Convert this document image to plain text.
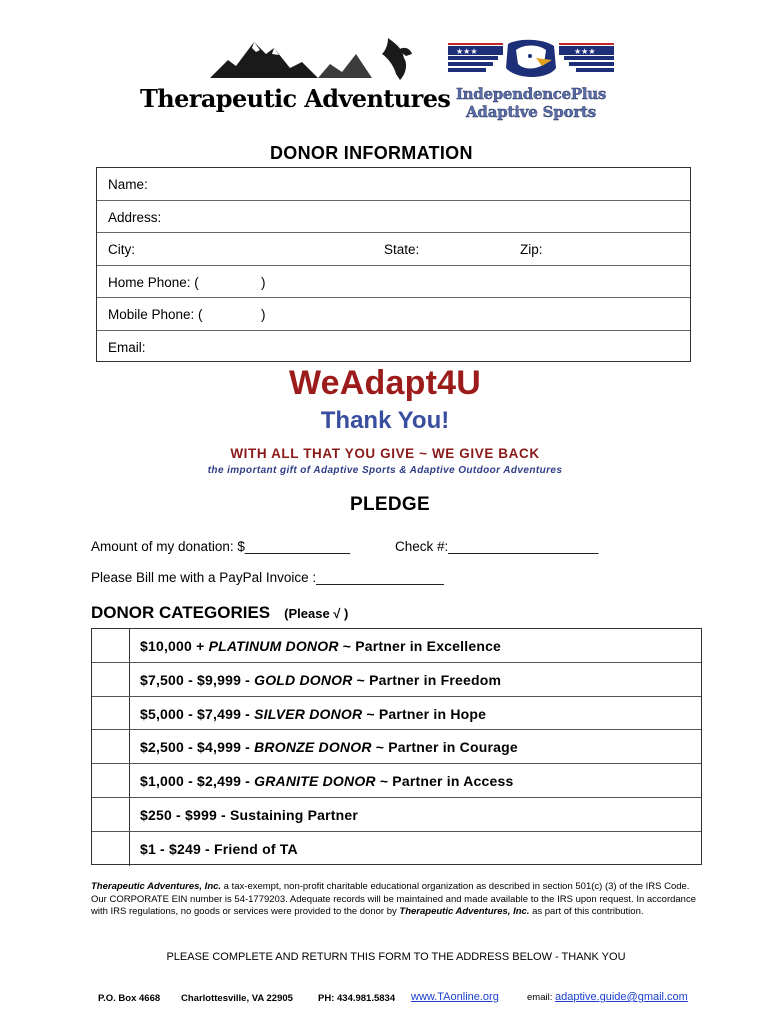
Therapeutic Adventures
★★★	★★★
IndependencePlus
Adaptive Sports
DONOR INFORMATION
Name:
Address:
City:	State:	Zip:
Home Phone: (	)
Mobile Phone: (	)
Email:
WeAdapt4U
Thank You!
WITH ALL THAT YOU GIVE ~ WE GIVE BACK
the important gift of Adaptive Sports & Adaptive Outdoor Adventures
PLEDGE
Amount of my donation: $______________	Check #:____________________
Please Bill me with a PayPal Invoice :_________________
DONOR CATEGORIES (Please √ )
$10,000 + PLATINUM DONOR ~ Partner in Excellence
$7,500 - $9,999 - GOLD DONOR ~ Partner in Freedom
$5,000 - $7,499 - SILVER DONOR ~ Partner in Hope
$2,500 - $4,999 - BRONZE DONOR ~ Partner in Courage
$1,000 - $2,499 - GRANITE DONOR ~ Partner in Access
$250 - $999 - Sustaining Partner
$1 - $249 - Friend of TA
Therapeutic Adventures, Inc. a tax-exempt, non-profit charitable educational organization as described in section 501(c) (3) of the IRS Code. Our CORPORATE EIN number is 54-1779203. Adequate records will be maintained and made available to the IRS upon request. In accordance with IRS regulations, no goods or services were provided to the donor by Therapeutic Adventures, Inc. as part of this contribution.
PLEASE COMPLETE AND RETURN THIS FORM TO THE ADDRESS BELOW - THANK YOU
P.O. Box 4668 Charlottesville, VA 22905	PH: 434.981.5834 www.TAonline.org	email: adaptive.guide@gmail.com
